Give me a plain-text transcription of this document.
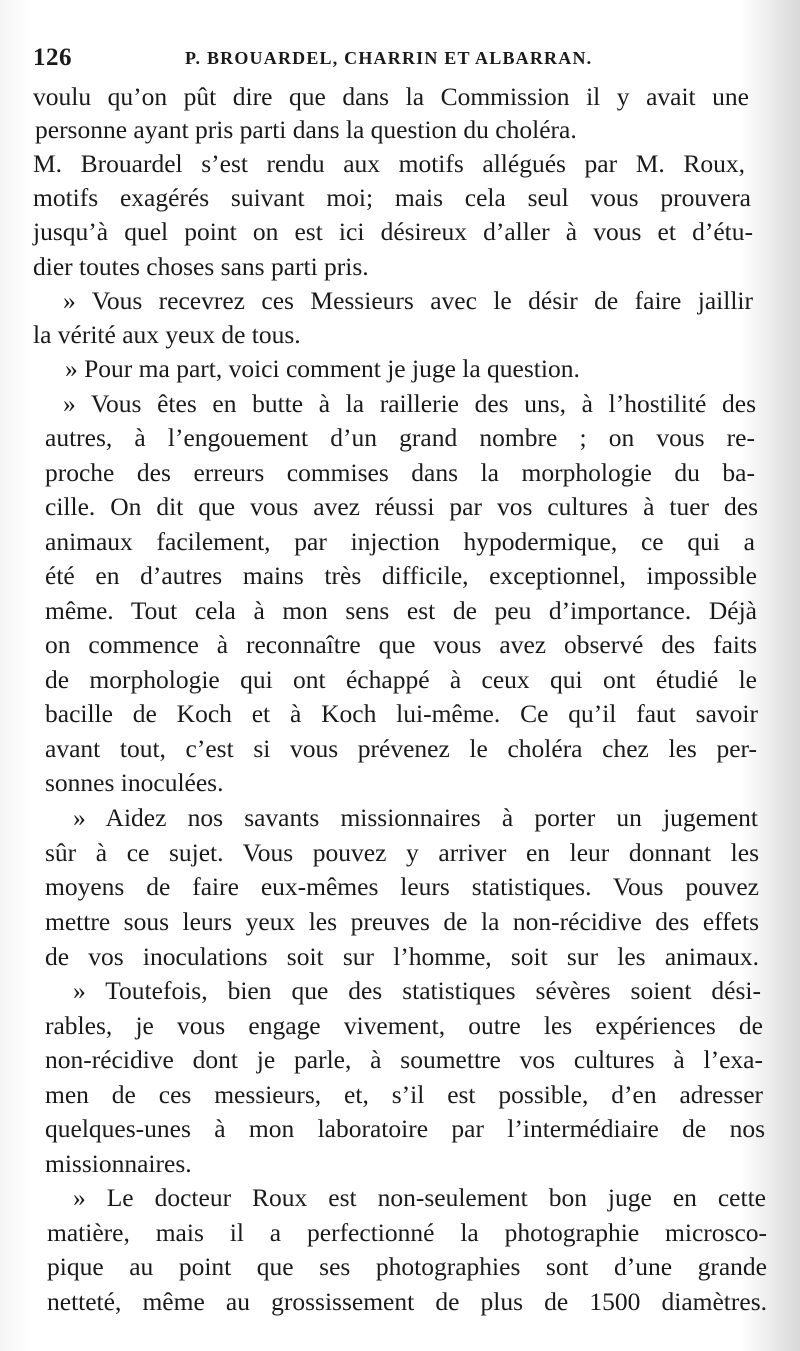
126	P. BROUARDEL, CHARRIN ET ALBARRAN.
voulu qu’on pût dire que dans la Commission il y avait une
personne ayant pris parti dans la question du choléra.
M. Brouardel s’est rendu aux motifs allégués par M. Roux,
motifs exagérés suivant moi; mais cela seul vous prouvera
jusqu’à quel point on est ici désireux d’aller à vous et d’étu-
dier toutes choses sans parti pris.
» Vous recevrez ces Messieurs avec le désir de faire jaillir
la vérité aux yeux de tous.
» Pour ma part, voici comment je juge la question.
» Vous êtes en butte à la raillerie des uns, à l’hostilité des
autres, à l’engouement d’un grand nombre ; on vous re-
proche des erreurs commises dans la morphologie du ba-
cille. On dit que vous avez réussi par vos cultures à tuer des
animaux facilement, par injection hypodermique, ce qui a
été en d’autres mains très difficile, exceptionnel, impossible
même. Tout cela à mon sens est de peu d’importance. Déjà
on commence à reconnaître que vous avez observé des faits
de morphologie qui ont échappé à ceux qui ont étudié le
bacille de Koch et à Koch lui-même. Ce qu’il faut savoir
avant tout, c’est si vous prévenez le choléra chez les per-
sonnes inoculées.
» Aidez nos savants missionnaires à porter un jugement
sûr à ce sujet. Vous pouvez y arriver en leur donnant les
moyens de faire eux-mêmes leurs statistiques. Vous pouvez
mettre sous leurs yeux les preuves de la non-récidive des effets
de vos inoculations soit sur l’homme, soit sur les animaux.
» Toutefois, bien que des statistiques sévères soient dési-
rables, je vous engage vivement, outre les expériences de
non-récidive dont je parle, à soumettre vos cultures à l’exa-
men de ces messieurs, et, s’il est possible, d’en adresser
quelques-unes à mon laboratoire par l’intermédiaire de nos
missionnaires.
» Le docteur Roux est non-seulement bon juge en cette
matière, mais il a perfectionné la photographie microsco-
pique au point que ses photographies sont d’une grande
netteté, même au grossissement de plus de 1500 diamètres.
